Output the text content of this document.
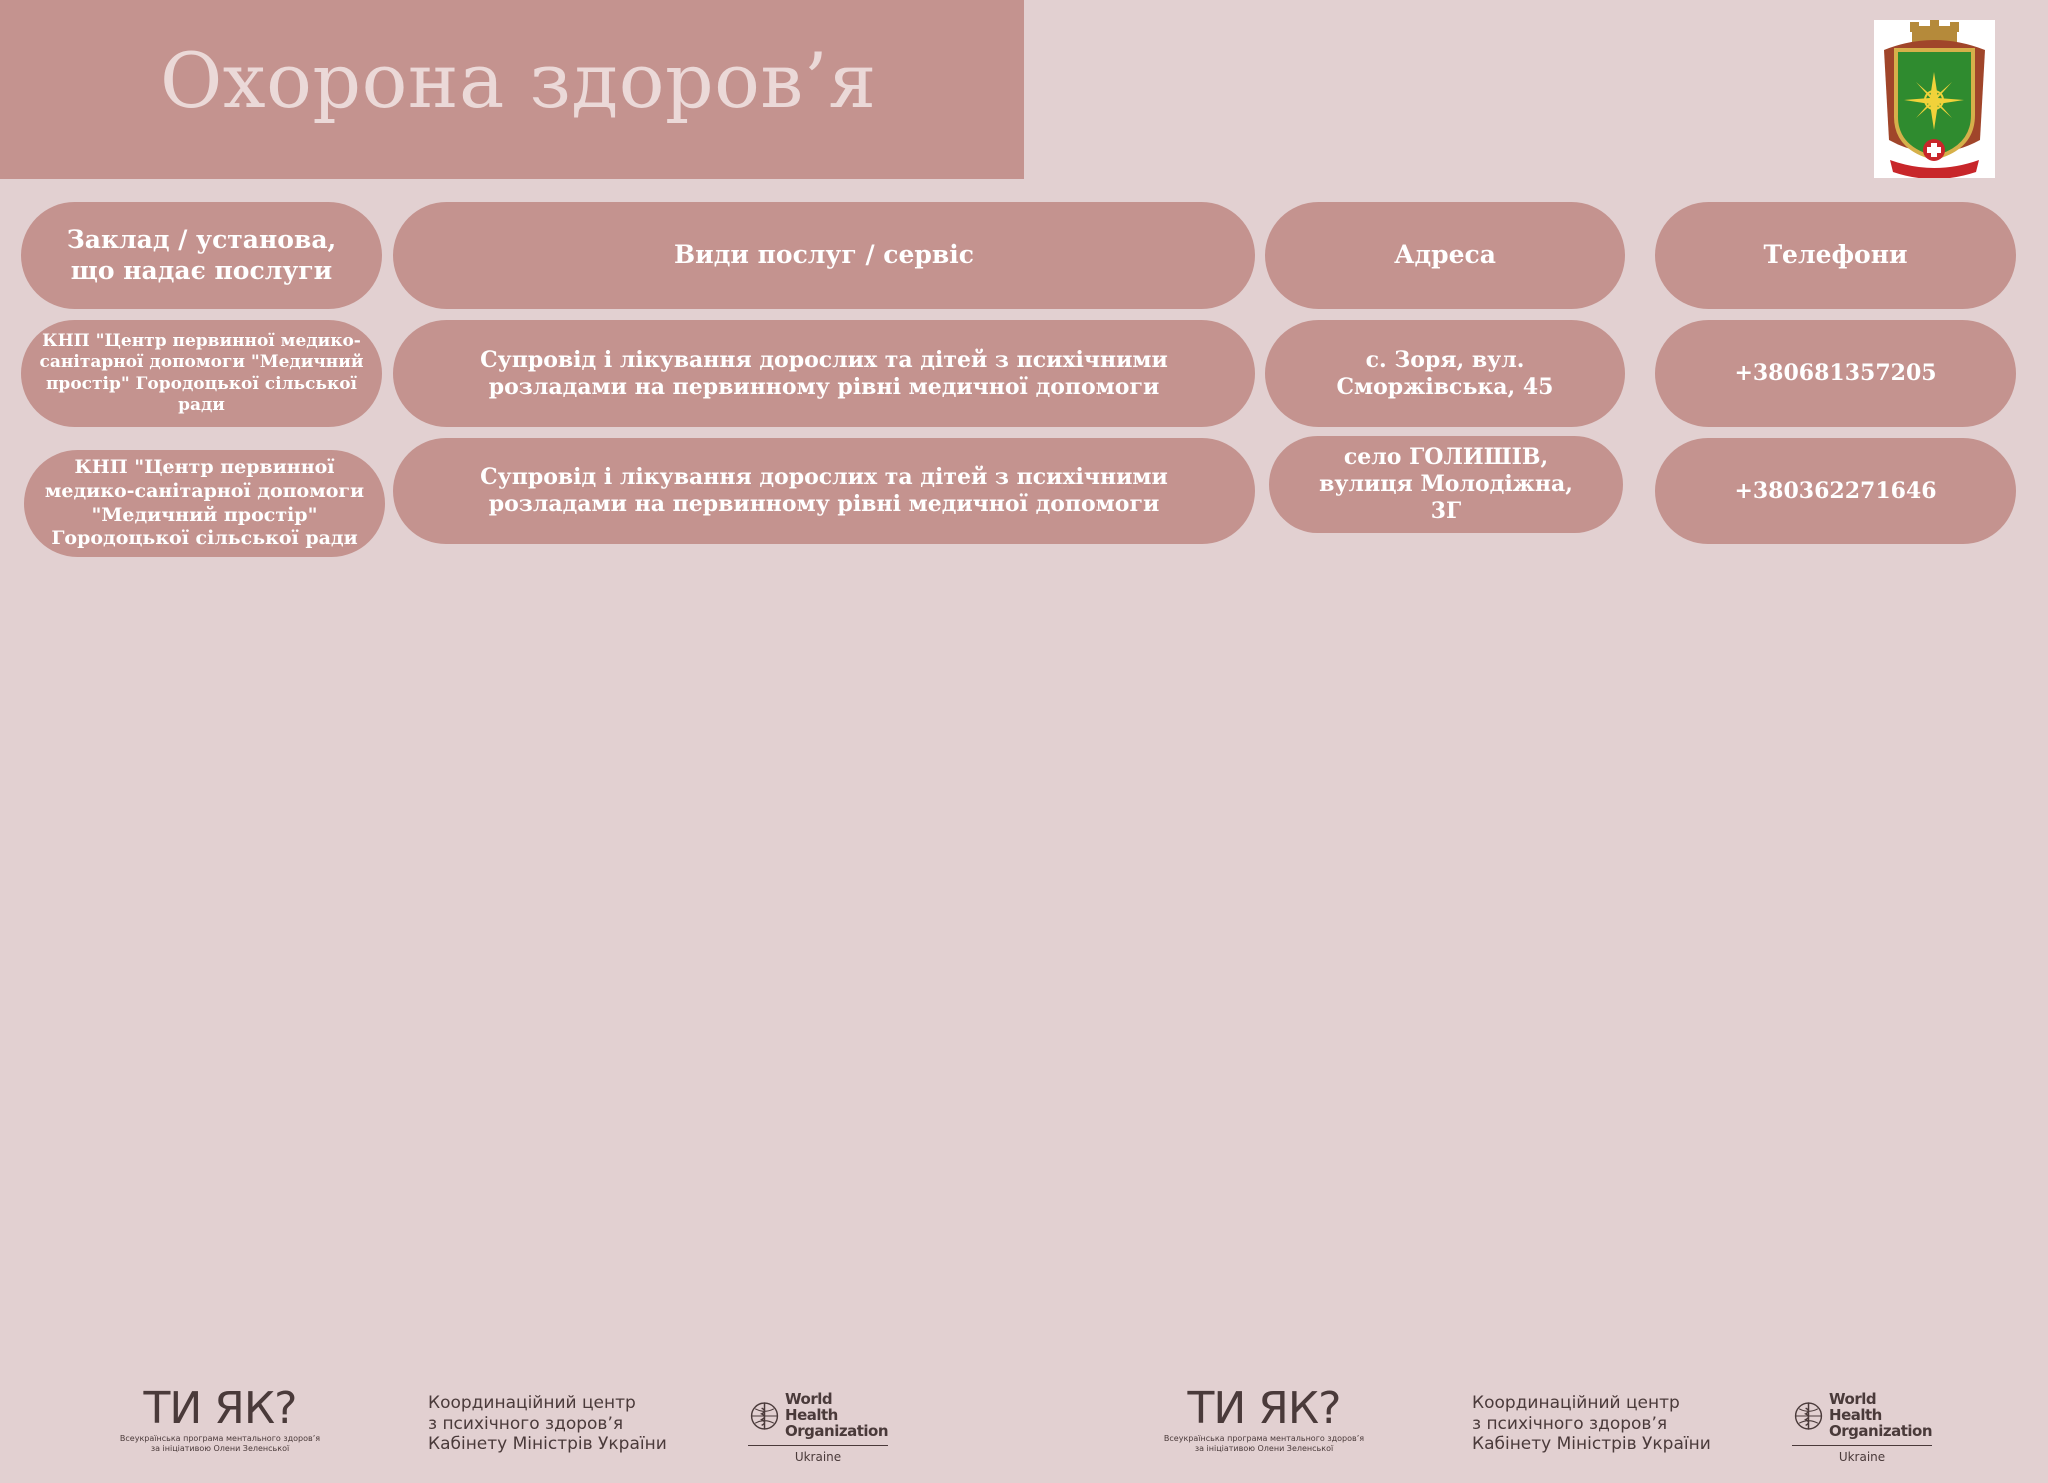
Охорона здоров’я
Заклад / установа,
що надає послуги
Види послуг / сервіс	Адреса	Телефони
КНП "Центр первинної медико-санітарної допомоги "Медичний простір" Городоцької сільської ради
Супровід і лікування дорослих та дітей з психічними розладами на первинному рівні медичної допомоги
с. Зоря, вул. Сморжівська, 45
+380681357205
КНП "Центр первинної медико-санітарної допомоги "Медичний простір" Городоцької сільської ради
Супровід і лікування дорослих та дітей з психічними розладами на первинному рівні медичної допомоги
село ГОЛИШІВ, вулиця Молодіжна, 3Г
+380362271646
ТИ ЯК?
Всеукраїнська програма ментального здоров’я за ініціативою Олени Зеленської
Координаційний центр
з психічного здоров’я
Кабінету Міністрів України
World Health
Organization
Ukraine
ТИ ЯК?
Всеукраїнська програма ментального здоров’я за ініціативою Олени Зеленської
Координаційний центр
з психічного здоров’я
Кабінету Міністрів України
World Health
Organization
Ukraine
